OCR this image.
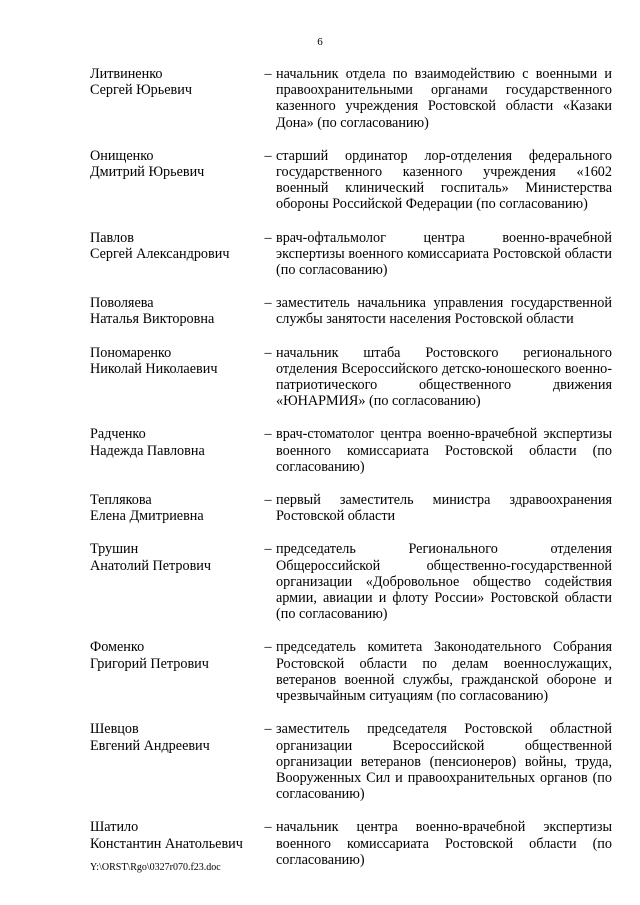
6
Литвиненко
Сергей Юрьевич
– начальник отдела по взаимодействию с военными и правоохранительными органами государственного казенного учреждения Ростовской области «Казаки Дона» (по согласованию)
Онищенко
Дмитрий Юрьевич
– старший ординатор лор-отделения федерального государственного казенного учреждения «1602 военный клинический госпиталь» Министерства обороны Российской Федерации (по согласованию)
Павлов
Сергей Александрович
– врач-офтальмолог центра военно-врачебной экспертизы военного комиссариата Ростовской области (по согласованию)
Поволяева
Наталья Викторовна
– заместитель начальника управления государственной службы занятости населения Ростовской области
Пономаренко
Николай Николаевич
– начальник штаба Ростовского регионального отделения Всероссийского детско-юношеского военно-патриотического общественного движения «ЮНАРМИЯ» (по согласованию)
Радченко
Надежда Павловна
– врач-стоматолог центра военно-врачебной экспертизы военного комиссариата Ростовской области (по согласованию)
Теплякова
Елена Дмитриевна
– первый заместитель министра здравоохранения Ростовской области
Трушин
Анатолий Петрович
– председатель Регионального отделения Общероссийской общественно-государственной организации «Добровольное общество содействия армии, авиации и флоту России» Ростовской области (по согласованию)
Фоменко
Григорий Петрович
– председатель комитета Законодательного Собрания Ростовской области по делам военнослужащих, ветеранов военной службы, гражданской обороне и чрезвычайным ситуациям (по согласованию)
Шевцов
Евгений Андреевич
– заместитель председателя Ростовской областной организации Всероссийской общественной организации ветеранов (пенсионеров) войны, труда, Вооруженных Сил и правоохранительных органов (по согласованию)
Шатило
Константин Анатольевич
– начальник центра военно-врачебной экспертизы военного комиссариата Ростовской области (по согласованию)
Y:\ORST\Rgo\0327r070.f23.doc
